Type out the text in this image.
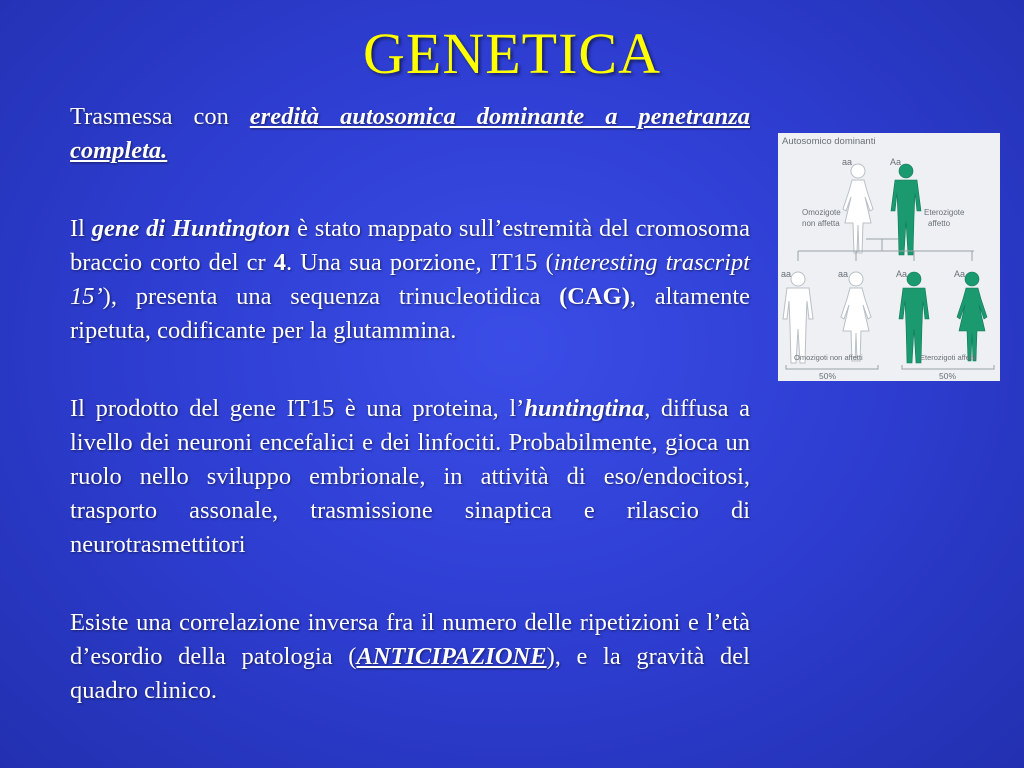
GENETICA

Trasmessa con eredità autosomica dominante a penetranza completa.

Il gene di Huntington è stato mappato sull’estremità del cromosoma braccio corto del cr 4. Una sua porzione, IT15 (interesting trascript 15’), presenta una sequenza trinucleotidica (CAG), altamente ripetuta, codificante per la glutammina.

Il prodotto del gene IT15 è una proteina, l’huntingtina, diffusa a livello dei neuroni encefalici e dei linfociti. Probabilmente, gioca un ruolo nello sviluppo embrionale, in attività di eso/endocitosi, trasporto assonale, trasmissione sinaptica e rilascio di neurotrasmettitori

Esiste una correlazione inversa fra il numero delle ripetizioni e l’età d’esordio della patologia (ANTICIPAZIONE), e la gravità del quadro clinico.

Autosomico dominanti
aa	Aa
Omozigote
non affetta
Eterozigote
affetto
aa	aa	Aa	Aa
Omozigoti non affetti	Eterozigoti affetti
50%	50%
